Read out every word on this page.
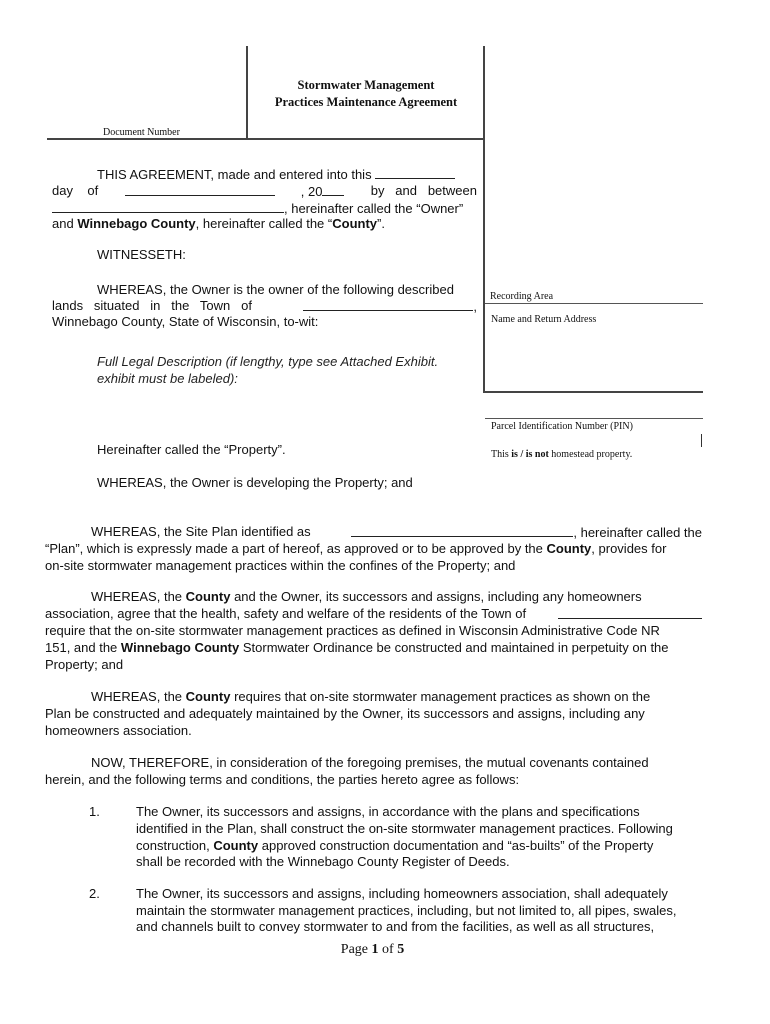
Stormwater Management
Practices Maintenance Agreement
Document Number
Recording Area
Name and Return Address
Parcel Identification Number (PIN)
This is / is not homestead property.
THIS AGREEMENT, made and entered into this
day    of	, 20	by   and   between
, hereinafter called the “Owner”
and Winnebago County, hereinafter called the “County”.
WITNESSETH:
WHEREAS, the Owner is the owner of the following described
lands   situated   in   the   Town   of	,
Winnebago County, State of Wisconsin, to-wit:
Full Legal Description (if lengthy, type see Attached Exhibit.
exhibit must be labeled):
Hereinafter called the “Property”.
WHEREAS, the Owner is developing the Property; and
WHEREAS, the Site Plan identified as	, hereinafter called the
“Plan”, which is expressly made a part of hereof, as approved or to be approved by the County, provides for
on-site stormwater management practices within the confines of the Property; and
WHEREAS, the County and the Owner, its successors and assigns, including any homeowners
association, agree that the health, safety and welfare of the residents of the Town of
require that the on-site stormwater management practices as defined in Wisconsin Administrative Code NR
151, and the Winnebago County Stormwater Ordinance be constructed and maintained in perpetuity on the
Property; and
WHEREAS, the County requires that on-site stormwater management practices as shown on the
Plan be constructed and adequately maintained by the Owner, its successors and assigns, including any
homeowners association.
NOW, THEREFORE, in consideration of the foregoing premises, the mutual covenants contained
herein, and the following terms and conditions, the parties hereto agree as follows:
1.	The Owner, its successors and assigns, in accordance with the plans and specifications
identified in the Plan, shall construct the on-site stormwater management practices. Following
construction, County approved construction documentation and “as-builts” of the Property
shall be recorded with the Winnebago County Register of Deeds.
2.	The Owner, its successors and assigns, including homeowners association, shall adequately
maintain the stormwater management practices, including, but not limited to, all pipes, swales,
and channels built to convey stormwater to and from the facilities, as well as all structures,
Page 1 of 5
